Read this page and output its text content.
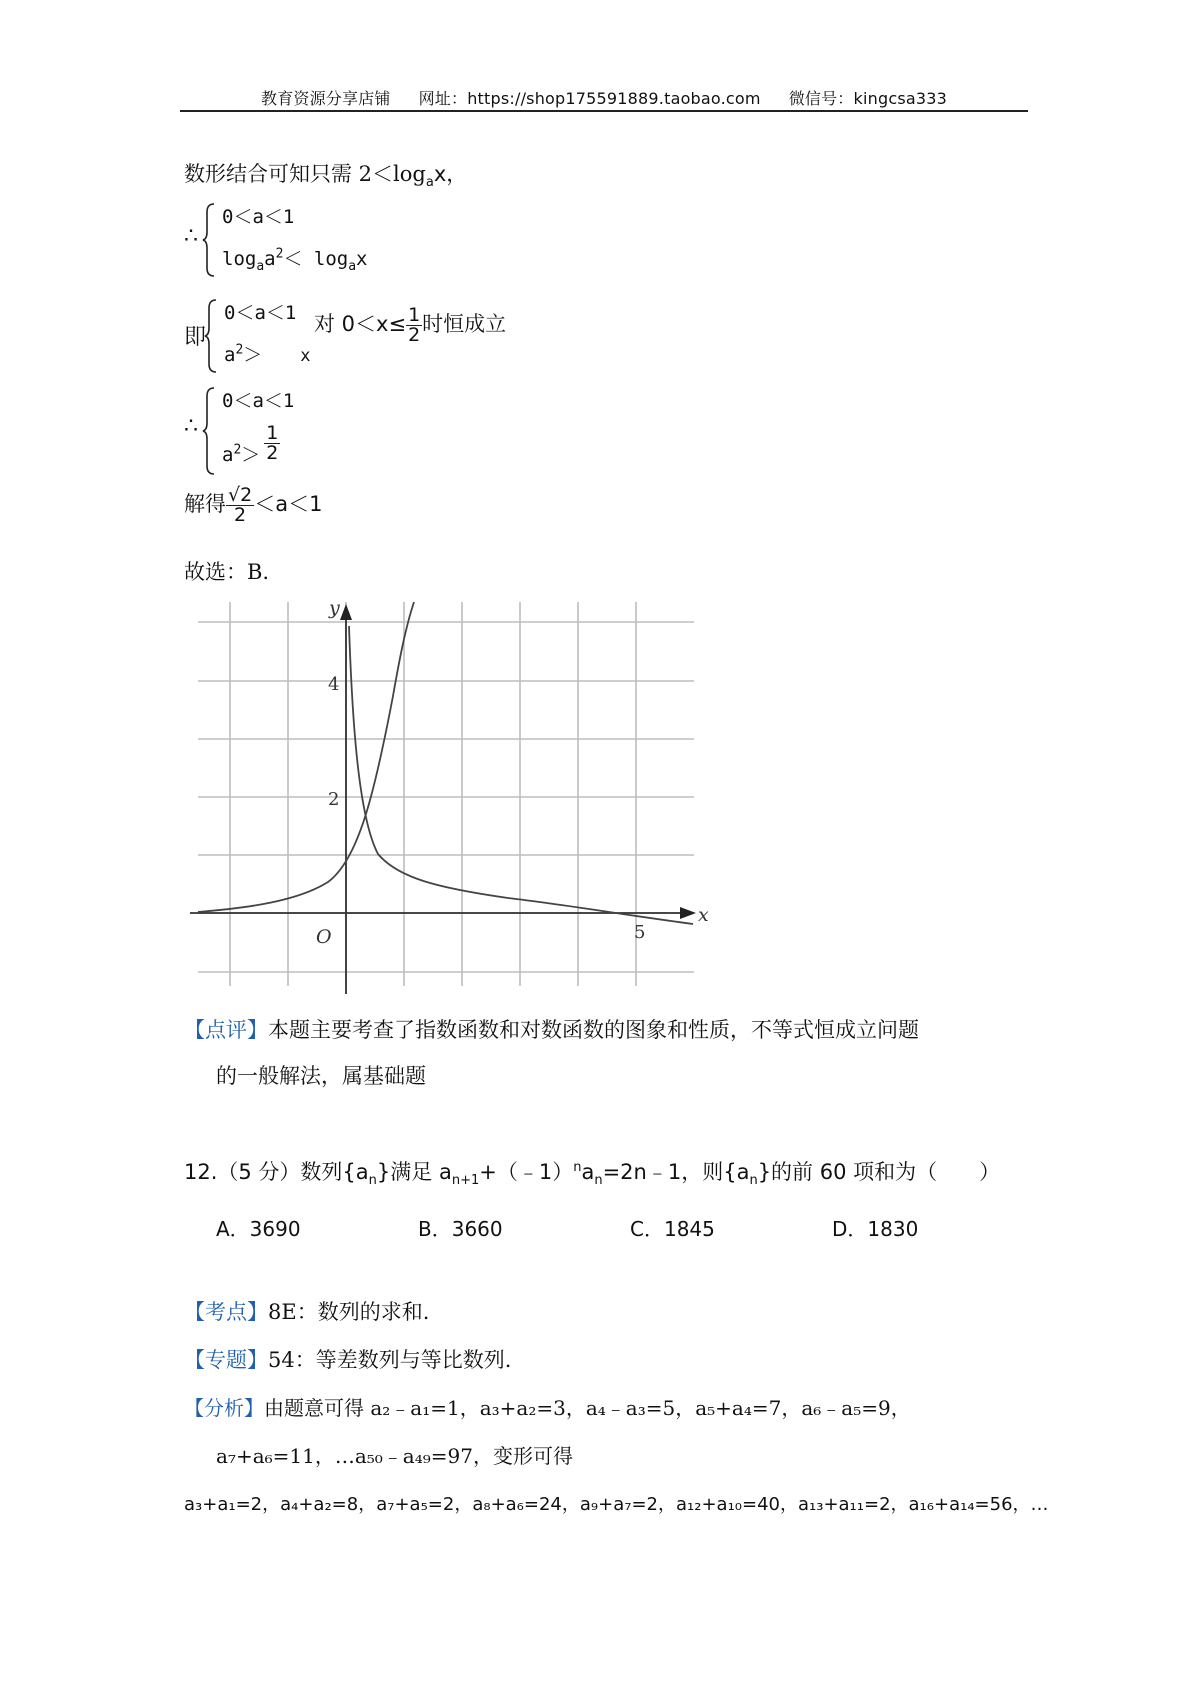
教育资源分享店铺 网址：https://shop175591889.taobao.com 微信号：kingcsa333
数形结合可知只需 $2<\log_ax$，
∴
0＜a＜1
$\log_aa^2< \log_ax$
即
0＜a＜1
$a^2> x$
对 $0<x\le \frac{1}{2}$ 时恒成立
∴
0＜a＜1
$a^2> \frac{1}{2}$
解得 $\frac{√2}{2} <a<1$
故选：B.
y
x
O
4
2
5
【点评】本题主要考查了指数函数和对数函数的图象和性质，不等式恒成立问题
的一般解法，属基础题
12.（5 分）数列$\{a_n\}$满足 $a_{n+1}+(﹣1)^na_n=2n﹣1$，则$\{a_n\}$的前 60 项和为（　　）
A．3690	B．3660	C．1845	D．1830
【考点】8E：数列的求和.
【专题】54：等差数列与等比数列.
【分析】由题意可得 a₂﹣a₁=1，a₃+a₂=3，a₄﹣a₃=5，a₅+a₄=7，a₆﹣a₅=9，
a₇+a₆=11，…a₅₀﹣a₄₉=97，变形可得
a₃+a₁=2，a₄+a₂=8，a₇+a₅=2，a₈+a₆=24，a₉+a₇=2，a₁₂+a₁₀=40，a₁₃+a₁₁=2，a₁₆+a₁₄=56，…
